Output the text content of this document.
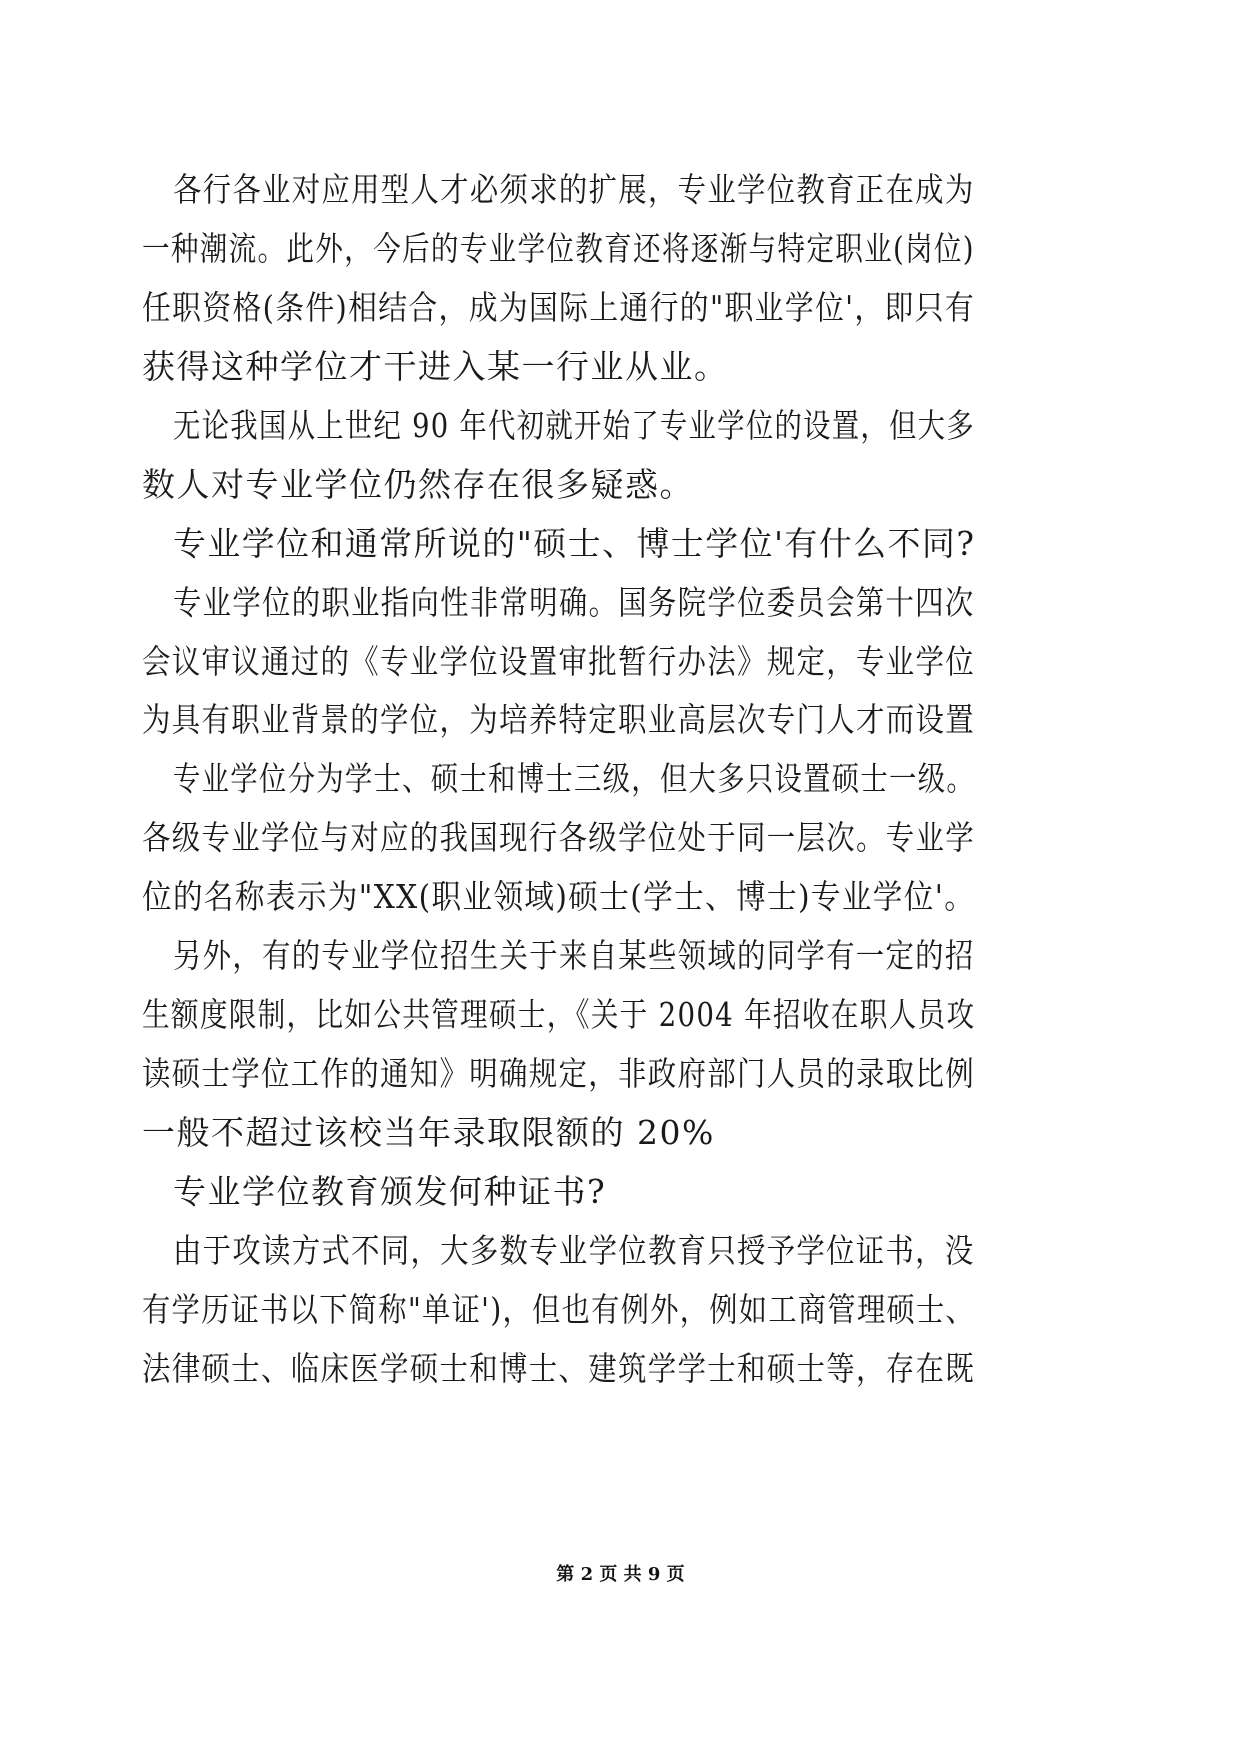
各行各业对应用型人才必须求的扩展，专业学位教育正在成为
一种潮流。此外，今后的专业学位教育还将逐渐与特定职业(岗位)
任职资格(条件)相结合，成为国际上通行的"职业学位'，即只有
获得这种学位才干进入某一行业从业。
无论我国从上世纪 90 年代初就开始了专业学位的设置，但大多
数人对专业学位仍然存在很多疑惑。
专业学位和通常所说的"硕士、博士学位'有什么不同?
专业学位的职业指向性非常明确。国务院学位委员会第十四次
会议审议通过的《专业学位设置审批暂行办法》规定，专业学位
为具有职业背景的学位，为培养特定职业高层次专门人才而设置
专业学位分为学士、硕士和博士三级，但大多只设置硕士一级。
各级专业学位与对应的我国现行各级学位处于同一层次。专业学
位的名称表示为"XX(职业领域)硕士(学士、博士)专业学位'。
另外，有的专业学位招生关于来自某些领域的同学有一定的招
生额度限制，比如公共管理硕士，《关于 2004 年招收在职人员攻
读硕士学位工作的通知》明确规定，非政府部门人员的录取比例
一般不超过该校当年录取限额的 20%
专业学位教育颁发何种证书?
由于攻读方式不同，大多数专业学位教育只授予学位证书，没
有学历证书以下简称"单证')，但也有例外，例如工商管理硕士、
法律硕士、临床医学硕士和博士、建筑学学士和硕士等，存在既
第 2 页 共 9 页
